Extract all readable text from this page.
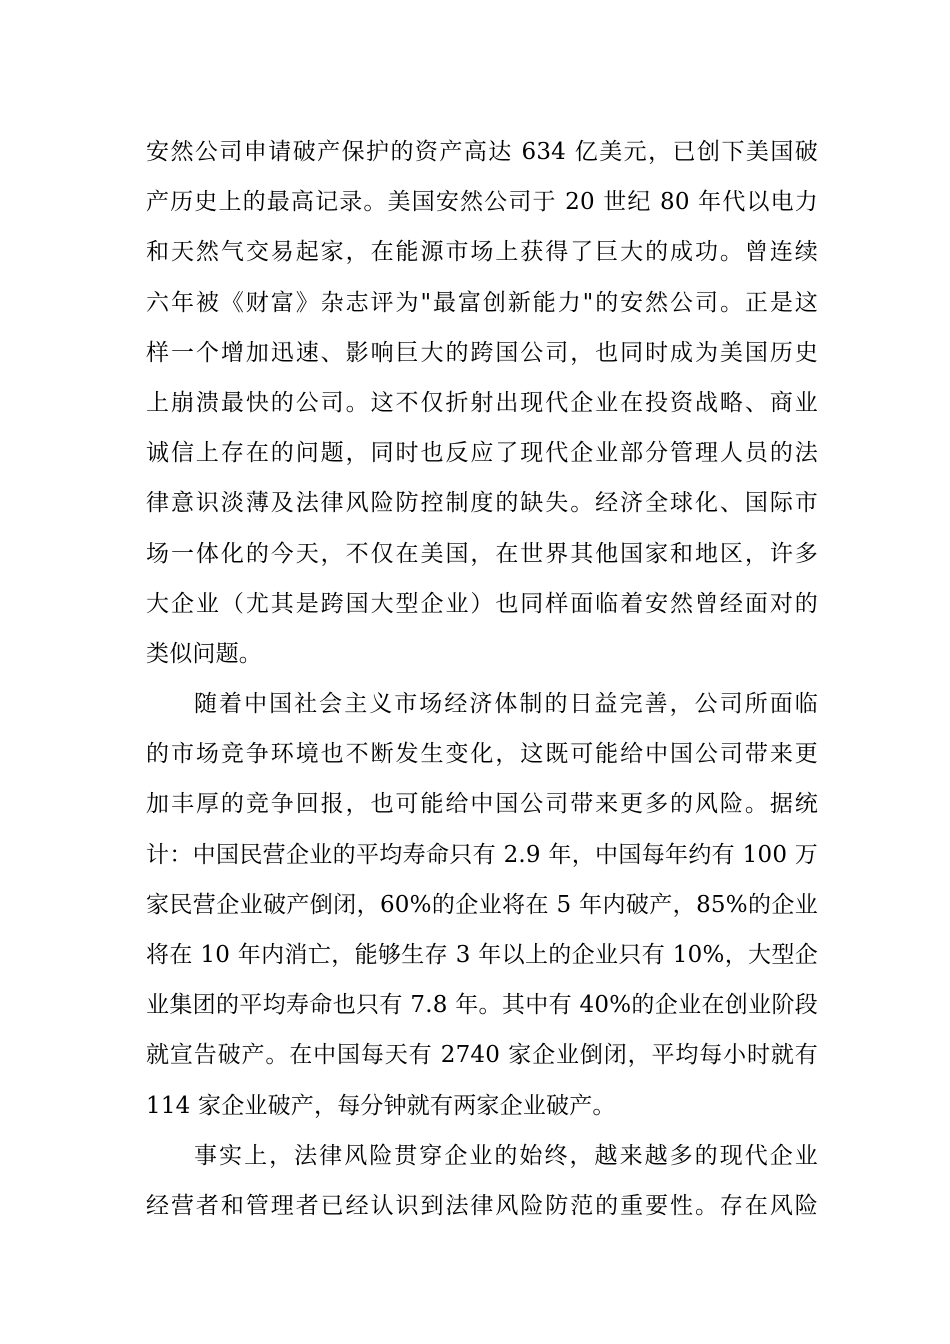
安然公司申请破产保护的资产高达 634 亿美元，已创下美国破
产历史上的最高记录。美国安然公司于 20 世纪 80 年代以电力
和天然气交易起家，在能源市场上获得了巨大的成功。曾连续
六年被《财富》杂志评为"最富创新能力"的安然公司。正是这
样一个增加迅速、影响巨大的跨国公司，也同时成为美国历史
上崩溃最快的公司。这不仅折射出现代企业在投资战略、商业
诚信上存在的问题，同时也反应了现代企业部分管理人员的法
律意识淡薄及法律风险防控制度的缺失。经济全球化、国际市
场一体化的今天，不仅在美国，在世界其他国家和地区，许多
大企业（尤其是跨国大型企业）也同样面临着安然曾经面对的
类似问题。
随着中国社会主义市场经济体制的日益完善，公司所面临
的市场竞争环境也不断发生变化，这既可能给中国公司带来更
加丰厚的竞争回报，也可能给中国公司带来更多的风险。据统
计：中国民营企业的平均寿命只有 2.9 年，中国每年约有 100 万
家民营企业破产倒闭，60%的企业将在 5 年内破产，85%的企业
将在 10 年内消亡，能够生存 3 年以上的企业只有 10%，大型企
业集团的平均寿命也只有 7.8 年。其中有 40%的企业在创业阶段
就宣告破产。在中国每天有 2740 家企业倒闭，平均每小时就有
114 家企业破产，每分钟就有两家企业破产。
事实上，法律风险贯穿企业的始终，越来越多的现代企业
经营者和管理者已经认识到法律风险防范的重要性。存在风险
